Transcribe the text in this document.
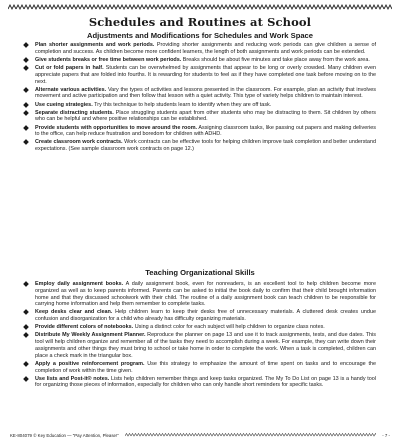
Schedules and Routines at School

Adjustments and Modifications for Schedules and Work Space

Plan shorter assignments and work periods. Providing shorter assignments and reducing work periods can give children a sense of completion and success. As children become more confident learners, the length of both assignments and work periods can be extended.
Give students breaks or free time between work periods. Breaks should be about five minutes and take place away from the work area.
Cut or fold papers in half. Students can be overwhelmed by assignments that appear to be long or overly crowded. Many children even appreciate papers that are folded into fourths. It is rewarding for students to feel as if they have completed one task before moving on to the next.
Alternate various activities. Vary the types of activities and lessons presented in the classroom. For example, plan an activity that involves movement and active participation and then follow that lesson with a quiet activity. This type of variety helps children to maintain interest.
Use cueing strategies. Try this technique to help students learn to identify when they are off task.
Separate distracting students. Place struggling students apart from other students who may be distracting to them. Sit children by others who can be helpful and where positive relationships can be established.
Provide students with opportunities to move around the room. Assigning classroom tasks, like passing out papers and making deliveries to the office, can help reduce frustration and boredom for children with ADHD.
Create classroom work contracts. Work contracts can be effective tools for helping children improve task completion and better understand expectations. (See sample classroom work contracts on page 12.)

Teaching Organizational Skills

Employ daily assignment books. A daily assignment book, even for nonreaders, is an excellent tool to help children become more organized as well as to keep parents informed. Parents can be asked to initial the book daily to confirm that their child brought information home and that they discussed schoolwork with their child. The routine of a daily assignment book can teach children to be responsible for carrying home information and help them remember to complete tasks.
Keep desks clear and clean. Help children learn to keep their desks free of unnecessary materials. A cluttered desk creates undue confusion and disorganization for a child who already has difficulty organizing materials.
Provide different colors of notebooks. Using a distinct color for each subject will help children to organize class notes.
Distribute My Weekly Assignment Planner. Reproduce the planner on page 13 and use it to track assignments, tests, and due dates. This tool will help children organize and remember all of the tasks they need to accomplish during a week. For example, they can write down their assignments and other things they must bring to school or take home in order to complete the work. When a task is completed, children can place a check mark in the triangular box.
Apply a positive reinforcement program. Use this strategy to emphasize the amount of time spent on tasks and to encourage the completion of work within the time given.
Use lists and Post-it® notes. Lists help children remember things and keep tasks organized. The My To Do List on page 13 is a handy tool for organizing those pieces of information, especially for children who can only handle short reminders for specific tasks.
KE-804079 © Key Education — “Pay Attention, Please!”	- 7 -
